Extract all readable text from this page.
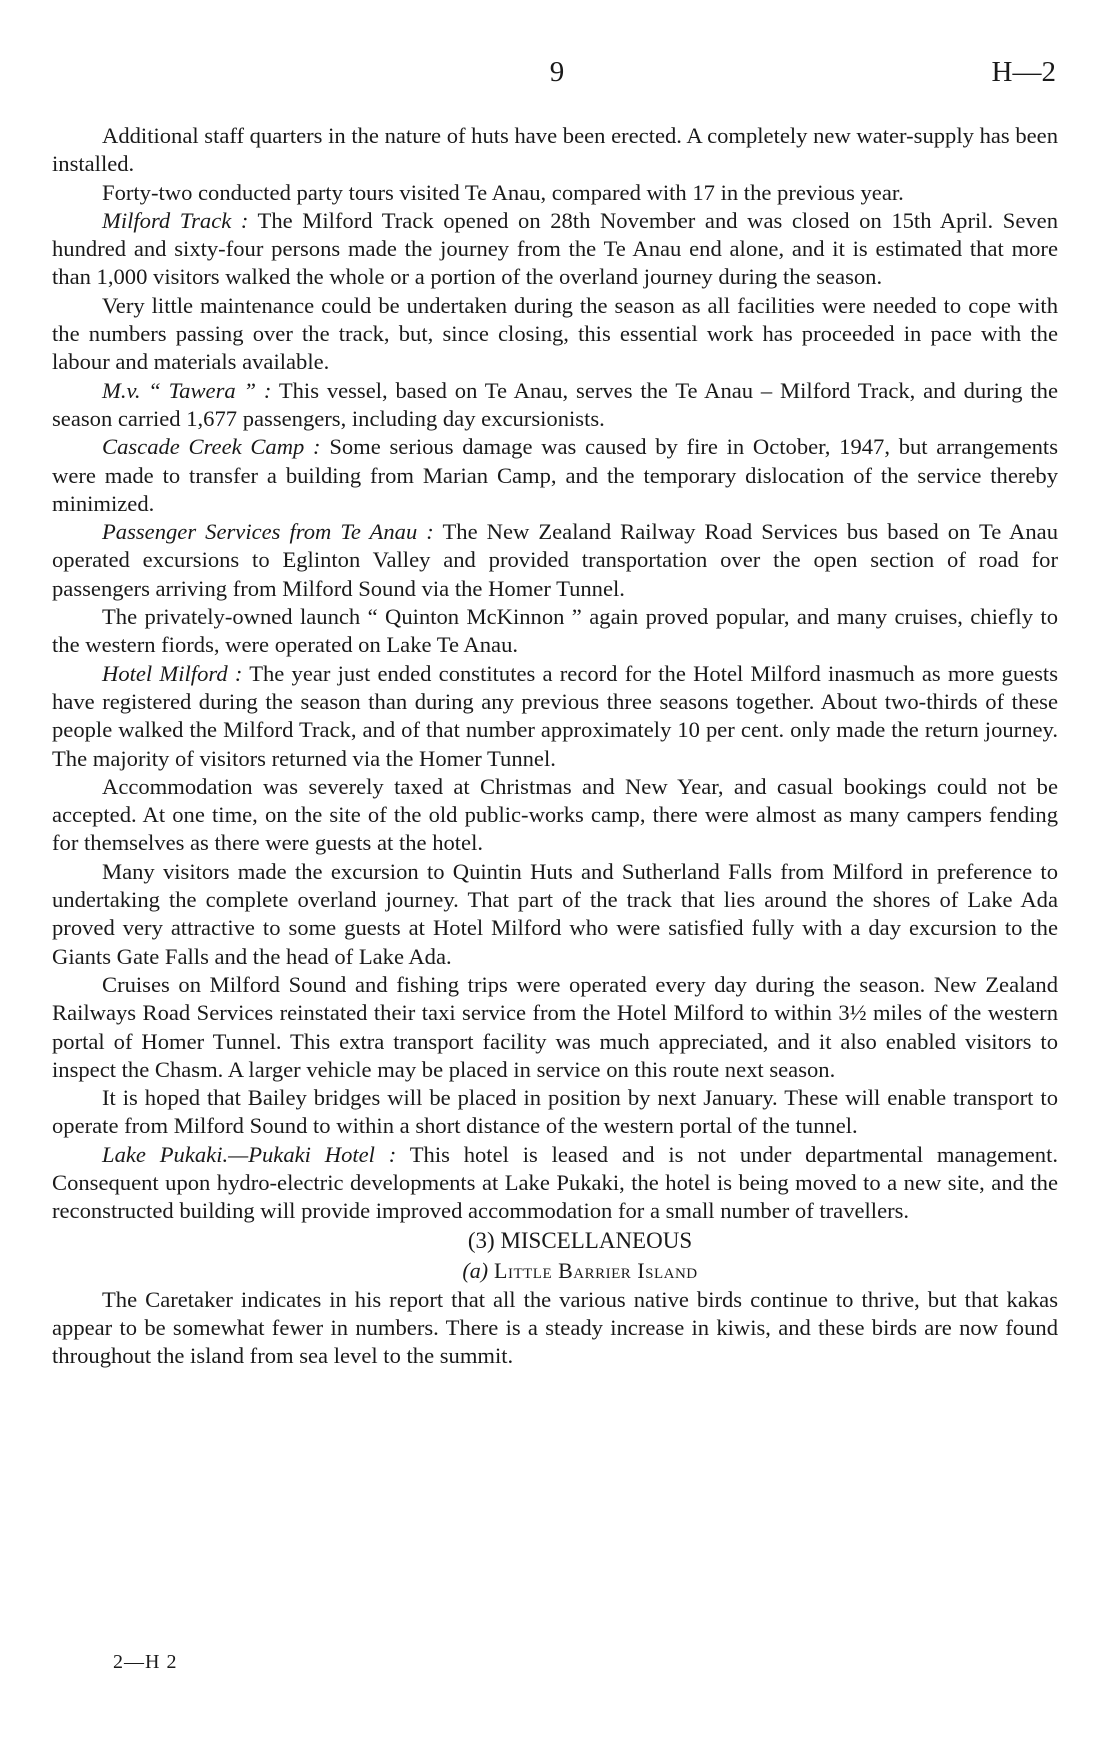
9	H—2

Additional staff quarters in the nature of huts have been erected. A completely new water-supply has been installed.

Forty-two conducted party tours visited Te Anau, compared with 17 in the previous year.

Milford Track : The Milford Track opened on 28th November and was closed on 15th April. Seven hundred and sixty-four persons made the journey from the Te Anau end alone, and it is estimated that more than 1,000 visitors walked the whole or a portion of the overland journey during the season.

Very little maintenance could be undertaken during the season as all facilities were needed to cope with the numbers passing over the track, but, since closing, this essential work has proceeded in pace with the labour and materials available.

M.v. “ Tawera ” : This vessel, based on Te Anau, serves the Te Anau – Milford Track, and during the season carried 1,677 passengers, including day excursionists.

Cascade Creek Camp : Some serious damage was caused by fire in October, 1947, but arrangements were made to transfer a building from Marian Camp, and the temporary dislocation of the service thereby minimized.

Passenger Services from Te Anau : The New Zealand Railway Road Services bus based on Te Anau operated excursions to Eglinton Valley and provided transportation over the open section of road for passengers arriving from Milford Sound via the Homer Tunnel.

The privately-owned launch “ Quinton McKinnon ” again proved popular, and many cruises, chiefly to the western fiords, were operated on Lake Te Anau.

Hotel Milford : The year just ended constitutes a record for the Hotel Milford inasmuch as more guests have registered during the season than during any previous three seasons together. About two-thirds of these people walked the Milford Track, and of that number approximately 10 per cent. only made the return journey. The majority of visitors returned via the Homer Tunnel.

Accommodation was severely taxed at Christmas and New Year, and casual bookings could not be accepted. At one time, on the site of the old public-works camp, there were almost as many campers fending for themselves as there were guests at the hotel.

Many visitors made the excursion to Quintin Huts and Sutherland Falls from Milford in preference to undertaking the complete overland journey. That part of the track that lies around the shores of Lake Ada proved very attractive to some guests at Hotel Milford who were satisfied fully with a day excursion to the Giants Gate Falls and the head of Lake Ada.

Cruises on Milford Sound and fishing trips were operated every day during the season. New Zealand Railways Road Services reinstated their taxi service from the Hotel Milford to within 3½ miles of the western portal of Homer Tunnel. This extra transport facility was much appreciated, and it also enabled visitors to inspect the Chasm. A larger vehicle may be placed in service on this route next season.

It is hoped that Bailey bridges will be placed in position by next January. These will enable transport to operate from Milford Sound to within a short distance of the western portal of the tunnel.

Lake Pukaki.—Pukaki Hotel : This hotel is leased and is not under departmental management. Consequent upon hydro-electric developments at Lake Pukaki, the hotel is being moved to a new site, and the reconstructed building will provide improved accommodation for a small number of travellers.

(3) MISCELLANEOUS

(a) Little Barrier Island

The Caretaker indicates in his report that all the various native birds continue to thrive, but that kakas appear to be somewhat fewer in numbers. There is a steady increase in kiwis, and these birds are now found throughout the island from sea level to the summit.

2—H 2
